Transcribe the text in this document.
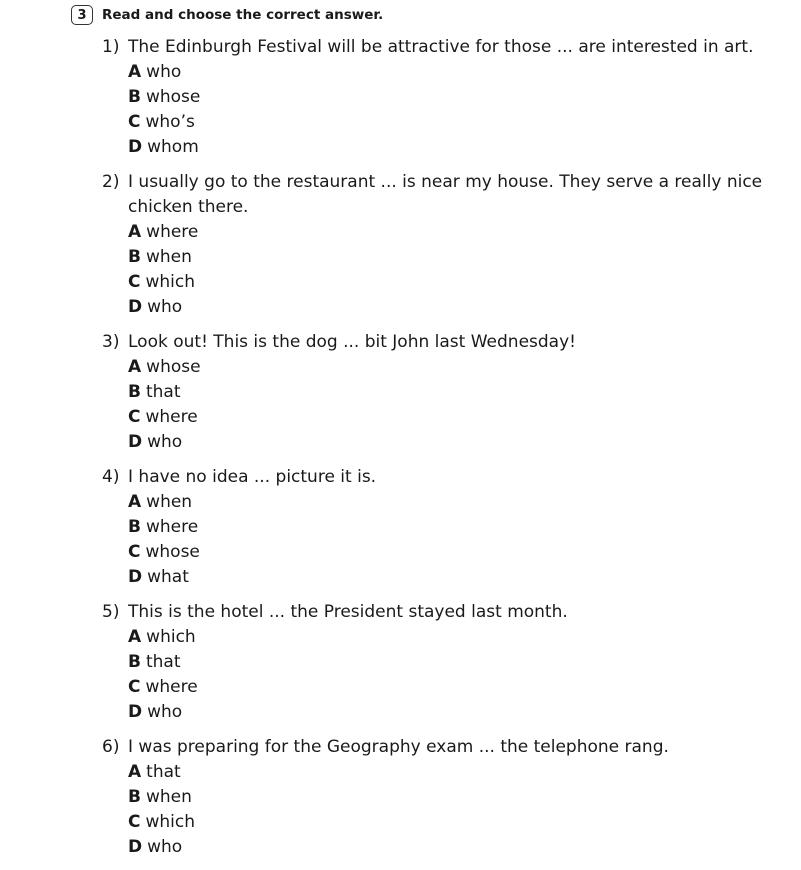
3	Read and choose the correct answer.
1) The Edinburgh Festival will be attractive for those ... are interested in art.
A who
B whose
C who’s
D whom
2) I usually go to the restaurant ... is near my house. They serve a really nice chicken there.
A where
B when
C which
D who
3) Look out! This is the dog ... bit John last Wednesday!
A whose
B that
C where
D who
4) I have no idea ... picture it is.
A when
B where
C whose
D what
5) This is the hotel ... the President stayed last month.
A which
B that
C where
D who
6) I was preparing for the Geography exam ... the telephone rang.
A that
B when
C which
D who
